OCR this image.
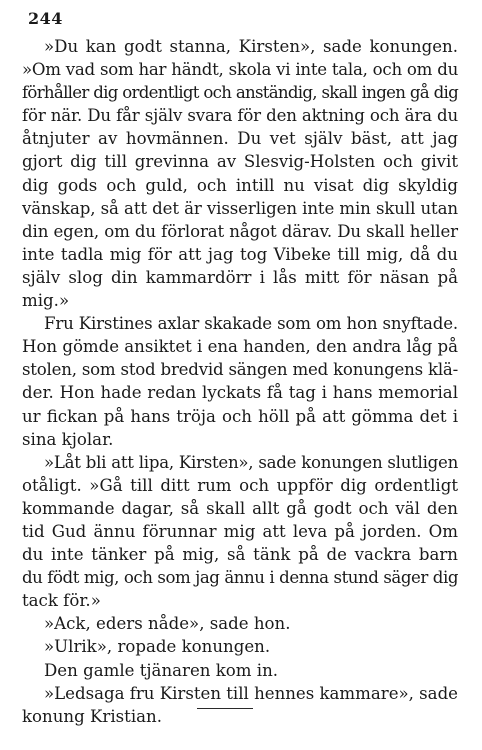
244
»Du kan godt stanna, Kirsten», sade konungen.
»Om vad som har händt, skola vi inte tala, och om du
förhåller dig ordentligt och anständig, skall ingen gå dig
för när. Du får själv svara för den aktning och ära du
åtnjuter av hovmännen. Du vet själv bäst, att jag
gjort dig till grevinna av Slesvig-Holsten och givit
dig gods och guld, och intill nu visat dig skyldig
vänskap, så att det är visserligen inte min skull utan
din egen, om du förlorat något därav. Du skall heller
inte tadla mig för att jag tog Vibeke till mig, då du
själv slog din kammardörr i lås mitt för näsan på
mig.»
Fru Kirstines axlar skakade som om hon snyftade.
Hon gömde ansiktet i ena handen, den andra låg på
stolen, som stod bredvid sängen med konungens klä-
der. Hon hade redan lyckats få tag i hans memorial
ur fickan på hans tröja och höll på att gömma det i
sina kjolar.
»Låt bli att lipa, Kirsten», sade konungen slutligen
otåligt. »Gå till ditt rum och uppför dig ordentligt
kommande dagar, så skall allt gå godt och väl den
tid Gud ännu förunnar mig att leva på jorden. Om
du inte tänker på mig, så tänk på de vackra barn
du födt mig, och som jag ännu i denna stund säger dig
tack för.»
»Ack, eders nåde», sade hon.
»Ulrik», ropade konungen.
Den gamle tjänaren kom in.
»Ledsaga fru Kirsten till hennes kammare», sade
konung Kristian.
